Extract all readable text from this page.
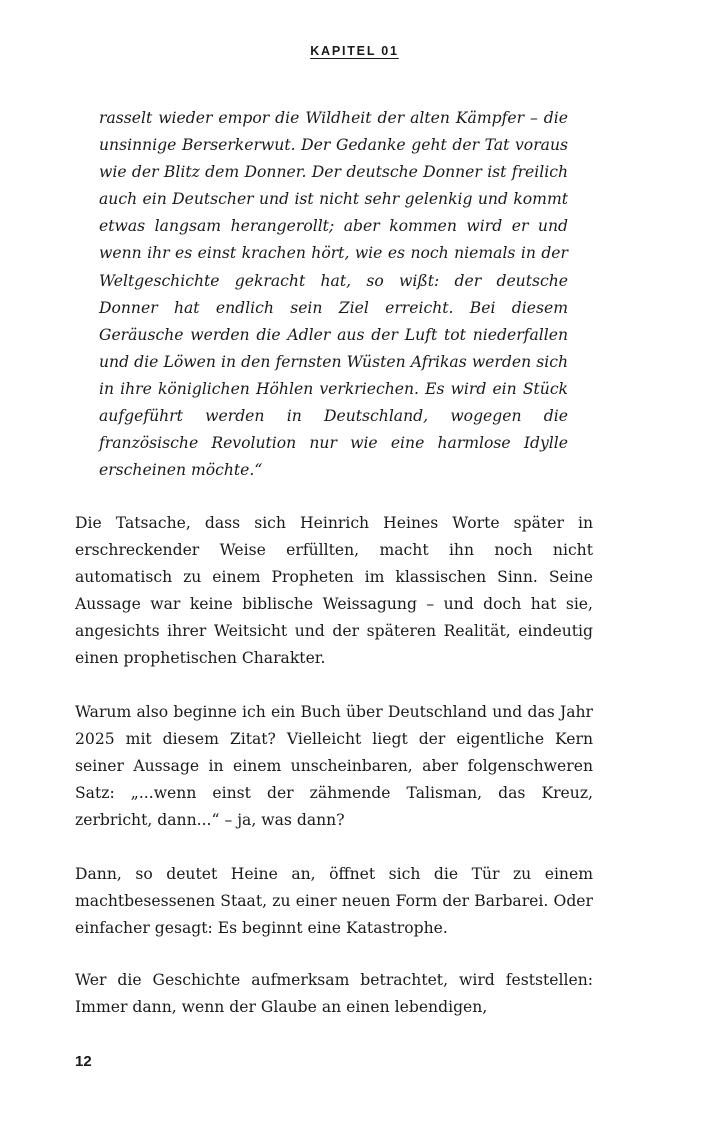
KAPITEL 01

rasselt wieder empor die Wildheit der alten Kämpfer – die unsinnige Berserkerwut. Der Gedanke geht der Tat voraus wie der Blitz dem Donner. Der deutsche Donner ist freilich auch ein Deutscher und ist nicht sehr gelenkig und kommt etwas langsam herangerollt; aber kommen wird er und wenn ihr es einst krachen hört, wie es noch niemals in der Weltgeschichte gekracht hat, so wißt: der deutsche Donner hat endlich sein Ziel erreicht. Bei diesem Geräusche werden die Adler aus der Luft tot niederfallen und die Löwen in den fernsten Wüsten Afrikas werden sich in ihre königlichen Höhlen verkriechen. Es wird ein Stück aufgeführt werden in Deutschland, wogegen die französische Revolution nur wie eine harmlose Idylle erscheinen möchte.“

Die Tatsache, dass sich Heinrich Heines Worte später in erschreckender Weise erfüllten, macht ihn noch nicht automatisch zu einem Propheten im klassischen Sinn. Seine Aussage war keine biblische Weissagung – und doch hat sie, angesichts ihrer Weitsicht und der späteren Realität, eindeutig einen prophetischen Charakter.

Warum also beginne ich ein Buch über Deutschland und das Jahr 2025 mit diesem Zitat? Vielleicht liegt der eigentliche Kern seiner Aussage in einem unscheinbaren, aber folgenschweren Satz: „...wenn einst der zähmende Talisman, das Kreuz, zerbricht, dann...“ – ja, was dann?

Dann, so deutet Heine an, öffnet sich die Tür zu einem machtbesessenen Staat, zu einer neuen Form der Barbarei. Oder einfacher gesagt: Es beginnt eine Katastrophe.

Wer die Geschichte aufmerksam betrachtet, wird feststellen: Immer dann, wenn der Glaube an einen lebendigen,

12
